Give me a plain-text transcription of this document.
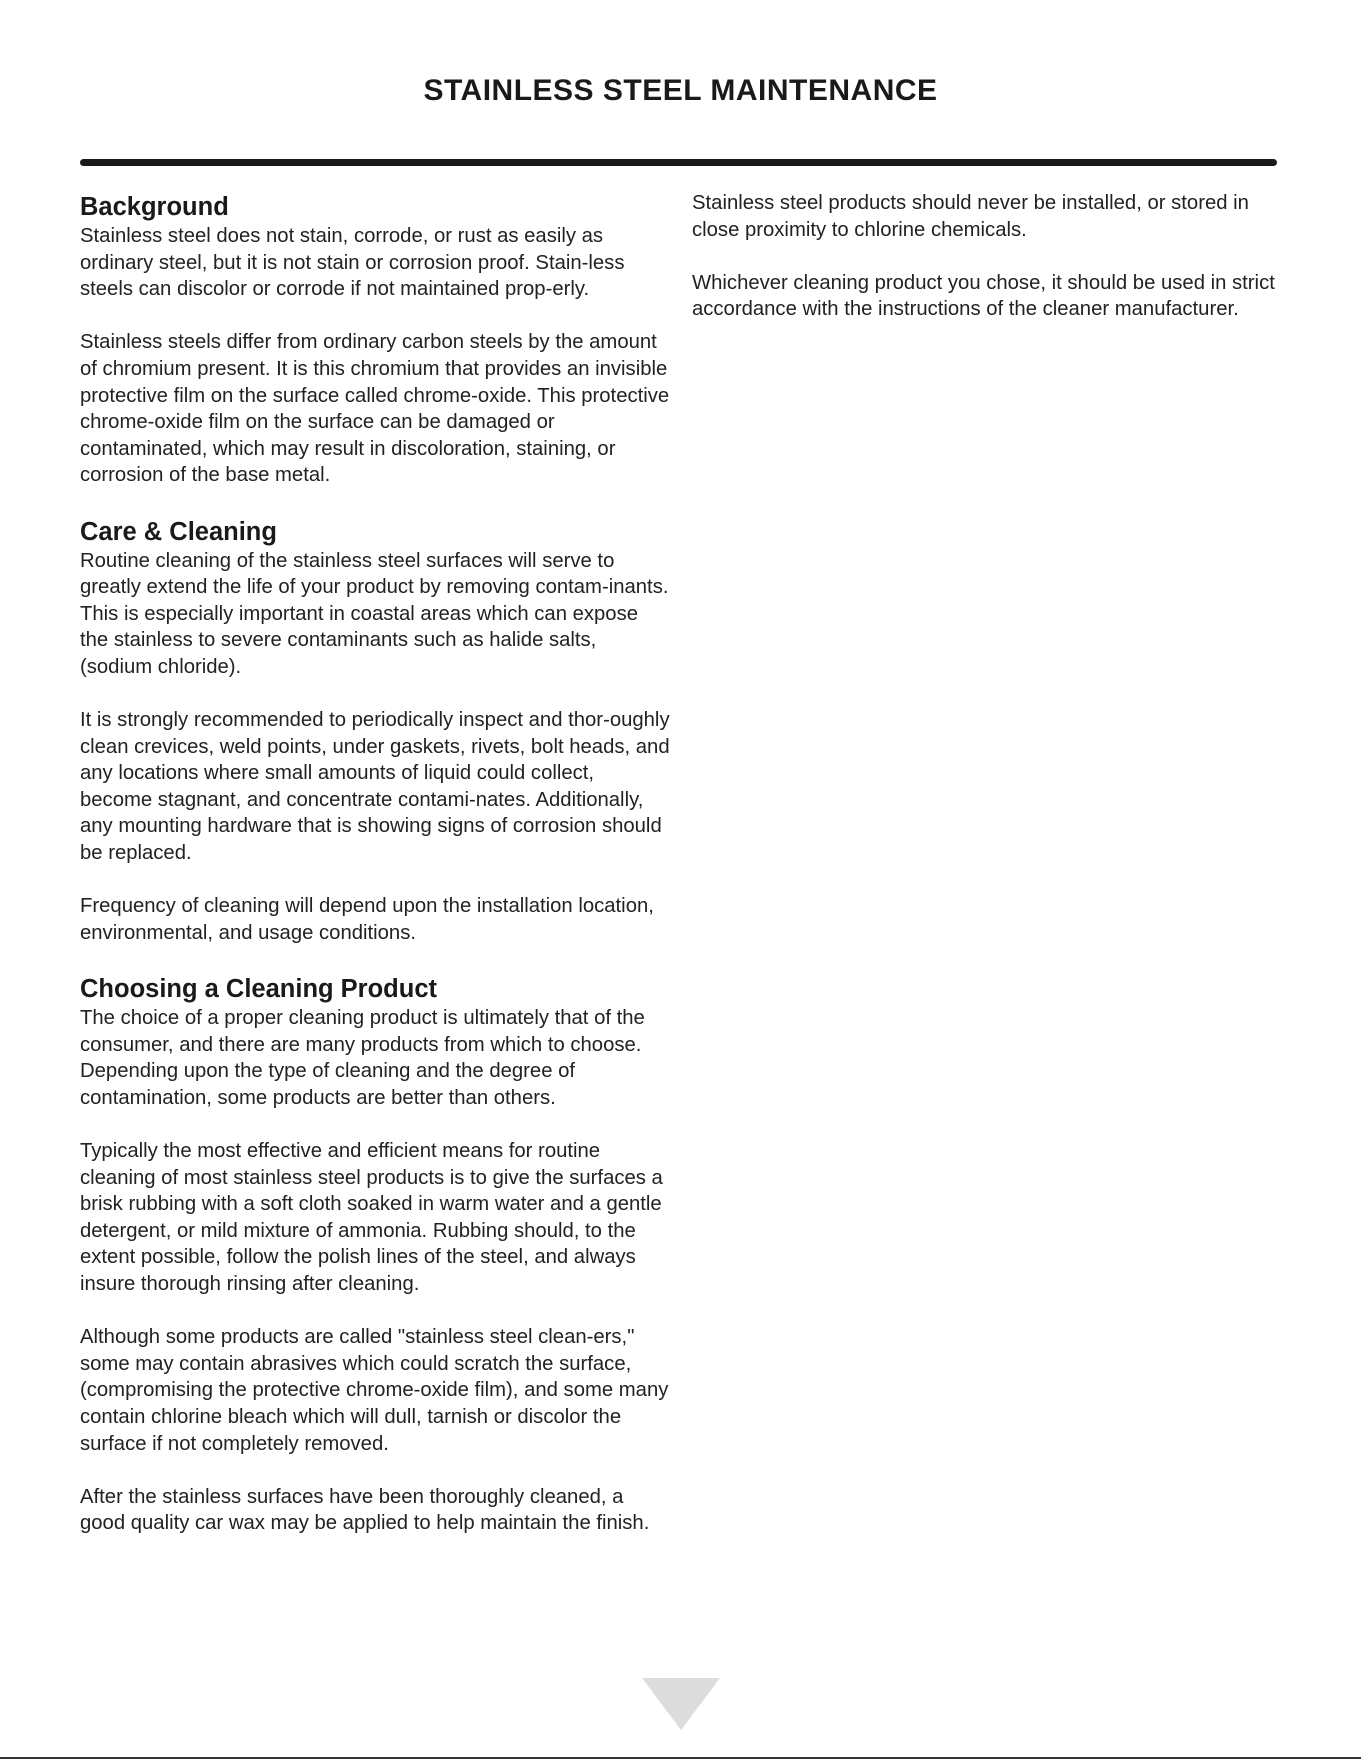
STAINLESS STEEL MAINTENANCE
Background

Stainless steel does not stain, corrode, or rust as easily as ordinary steel, but it is not stain or corrosion proof. Stain-less steels can discolor or corrode if not maintained prop-erly.

Stainless steels differ from ordinary carbon steels by the amount of chromium present. It is this chromium that provides an invisible protective film on the surface called chrome-oxide. This protective chrome-oxide film on the surface can be damaged or contaminated, which may result in discoloration, staining, or corrosion of the base metal.

Care & Cleaning

Routine cleaning of the stainless steel surfaces will serve to greatly extend the life of your product by removing contam-inants. This is especially important in coastal areas which can expose the stainless to severe contaminants such as halide salts, (sodium chloride).

It is strongly recommended to periodically inspect and thor-oughly clean crevices, weld points, under gaskets, rivets, bolt heads, and any locations where small amounts of liquid could collect, become stagnant, and concentrate contami-nates. Additionally, any mounting hardware that is showing signs of corrosion should be replaced.

Frequency of cleaning will depend upon the installation location, environmental, and usage conditions.

Choosing a Cleaning Product

The choice of a proper cleaning product is ultimately that of the consumer, and there are many products from which to choose. Depending upon the type of cleaning and the degree of contamination, some products are better than others.

Typically the most effective and efficient means for routine cleaning of most stainless steel products is to give the surfaces a brisk rubbing with a soft cloth soaked in warm water and a gentle detergent, or mild mixture of ammonia. Rubbing should, to the extent possible, follow the polish lines of the steel, and always insure thorough rinsing after cleaning.

Although some products are called "stainless steel clean-ers," some may contain abrasives which could scratch the surface, (compromising the protective chrome-oxide film), and some many contain chlorine bleach which will dull, tarnish or discolor the surface if not completely removed.

After the stainless surfaces have been thoroughly cleaned, a good quality car wax may be applied to help maintain the finish.

Stainless steel products should never be installed, or stored in close proximity to chlorine chemicals.

Whichever cleaning product you chose, it should be used in strict accordance with the instructions of the cleaner manufacturer.
